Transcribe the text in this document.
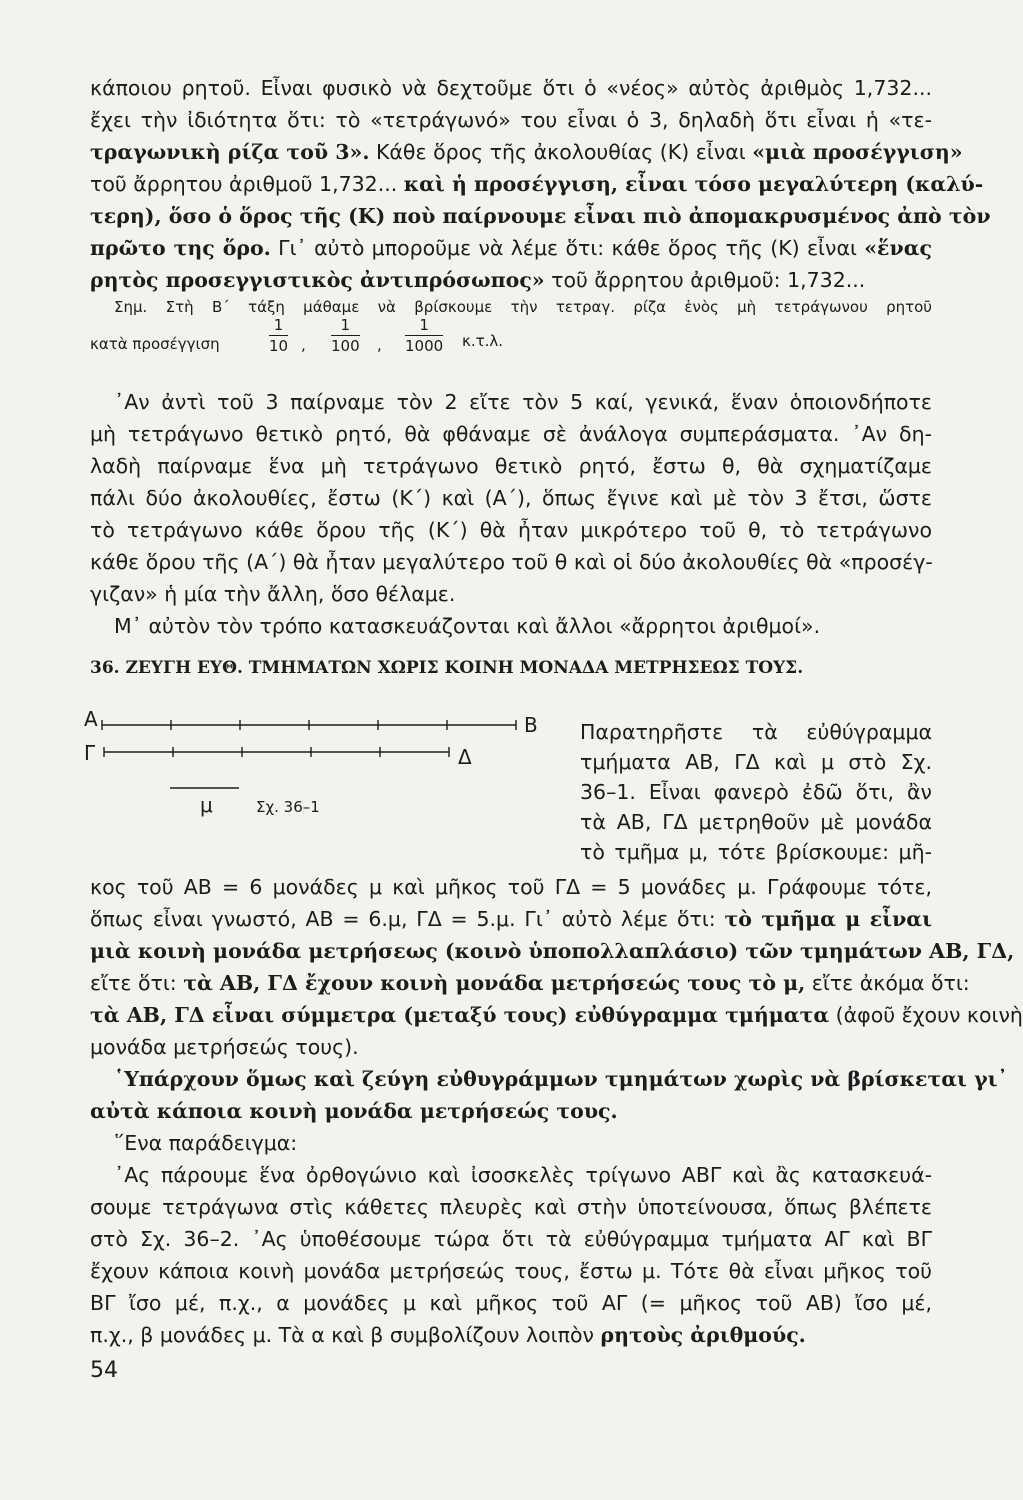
κάποιου ρητοῦ. Εἶναι φυσικὸ νὰ δεχτοῦμε ὅτι ὁ «νέος» αὐτὸς ἀριθμὸς 1,732...
ἔχει τὴν ἰδιότητα ὅτι: τὸ «τετράγωνό» του εἶναι ὁ 3, δηλαδὴ ὅτι εἶναι ἡ «τε-
τραγωνικὴ ρίζα τοῦ 3». Κάθε ὅρος τῆς ἀκολουθίας (Κ) εἶναι «μιὰ προσέγγιση»
τοῦ ἄρρητου ἀριθμοῦ 1,732... καὶ ἡ προσέγγιση, εἶναι τόσο μεγαλύτερη (καλύ-
τερη), ὅσο ὁ ὅρος τῆς (Κ) ποὺ παίρνουμε εἶναι πιὸ ἀπομακρυσμένος ἀπὸ τὸν
πρῶτο της ὅρο. Γι᾽ αὐτὸ μποροῦμε νὰ λέμε ὅτι: κάθε ὅρος τῆς (Κ) εἶναι «ἕνας
ρητὸς προσεγγιστικὸς ἀντιπρόσωπος» τοῦ ἄρρητου ἀριθμοῦ: 1,732...
Σημ. Στὴ Β´ τάξη μάθαμε νὰ βρίσκουμε τὴν τετραγ. ρίζα ἑνὸς μὴ τετράγωνου ρητοῦ
κατὰ προσέγγιση	$\frac{1}{10}$ , $\frac{1}{100}$ , $\frac{1}{1000} \kappa.\tau.\lambda$.
᾽Αν ἀντὶ τοῦ 3 παίρναμε τὸν 2 εἴτε τὸν 5 καί, γενικά, ἕναν ὁποιονδήποτε
μὴ τετράγωνο θετικὸ ρητό, θὰ φθάναμε σὲ ἀνάλογα συμπεράσματα. ᾽Αν δη-
λαδὴ παίρναμε ἕνα μὴ τετράγωνο θετικὸ ρητό, ἔστω θ, θὰ σχηματίζαμε
πάλι δύο ἀκολουθίες, ἔστω (Κ´) καὶ (Α´), ὅπως ἔγινε καὶ μὲ τὸν 3 ἔτσι, ὥστε
τὸ τετράγωνο κάθε ὅρου τῆς (Κ´) θὰ ἦταν μικρότερο τοῦ θ, τὸ τετράγωνο
κάθε ὅρου τῆς (Α´) θὰ ἦταν μεγαλύτερο τοῦ θ καὶ οἱ δύο ἀκολουθίες θὰ «προσέγ-
γιζαν» ἡ μία τὴν ἄλλη, ὅσο θέλαμε.
Μ᾽ αὐτὸν τὸν τρόπο κατασκευάζονται καὶ ἄλλοι «ἄρρητοι ἀριθμοί».
36. ΖΕΥΓΗ ΕΥΘ. ΤΜΗΜΑΤΩΝ ΧΩΡΙΣ ΚΟΙΝΗ ΜΟΝΑΔΑ ΜΕΤΡΗΣΕΩΣ ΤΟΥΣ.
Α	Β
Γ	Δ
μ	Σχ. 36–1
Παρατηρῆστε τὰ εὐθύγραμμα
τμήματα ΑΒ, ΓΔ καὶ μ στὸ Σχ.
36–1. Εἶναι φανερὸ ἐδῶ ὅτι, ἂν
τὰ ΑΒ, ΓΔ μετρηθοῦν μὲ μονάδα
τὸ τμῆμα μ, τότε βρίσκουμε: μῆ-
κος τοῦ ΑΒ = 6 μονάδες μ καὶ μῆκος τοῦ ΓΔ = 5 μονάδες μ. Γράφουμε τότε,
ὅπως εἶναι γνωστό, ΑΒ = 6.μ, ΓΔ = 5.μ. Γι᾽ αὐτὸ λέμε ὅτι: τὸ τμῆμα μ εἶναι
μιὰ κοινὴ μονάδα μετρήσεως (κοινὸ ὑποπολλαπλάσιο) τῶν τμημάτων ΑΒ, ΓΔ,
εἴτε ὅτι: τὰ ΑΒ, ΓΔ ἔχουν κοινὴ μονάδα μετρήσεώς τους τὸ μ, εἴτε ἀκόμα ὅτι:
τὰ ΑΒ, ΓΔ εἶναι σύμμετρα (μεταξύ τους) εὐθύγραμμα τμήματα (ἀφοῦ ἔχουν κοινὴ
μονάδα μετρήσεώς τους).
῾Υπάρχουν ὅμως καὶ ζεύγη εὐθυγράμμων τμημάτων χωρὶς νὰ βρίσκεται γι᾽
αὐτὰ κάποια κοινὴ μονάδα μετρήσεώς τους.
῞Ενα παράδειγμα:
᾽Ας πάρουμε ἕνα ὀρθογώνιο καὶ ἰσοσκελὲς τρίγωνο ΑΒΓ καὶ ἂς κατασκευά-
σουμε τετράγωνα στὶς κάθετες πλευρὲς καὶ στὴν ὑποτείνουσα, ὅπως βλέπετε
στὸ Σχ. 36–2. ᾽Ας ὑποθέσουμε τώρα ὅτι τὰ εὐθύγραμμα τμήματα ΑΓ καὶ ΒΓ
ἔχουν κάποια κοινὴ μονάδα μετρήσεώς τους, ἔστω μ. Τότε θὰ εἶναι μῆκος τοῦ
ΒΓ ἴσο μέ, π.χ., α μονάδες μ καὶ μῆκος τοῦ ΑΓ (= μῆκος τοῦ ΑΒ) ἴσο μέ,
π.χ., β μονάδες μ. Τὰ α καὶ β συμβολίζουν λοιπὸν ρητοὺς ἀριθμούς.
54
